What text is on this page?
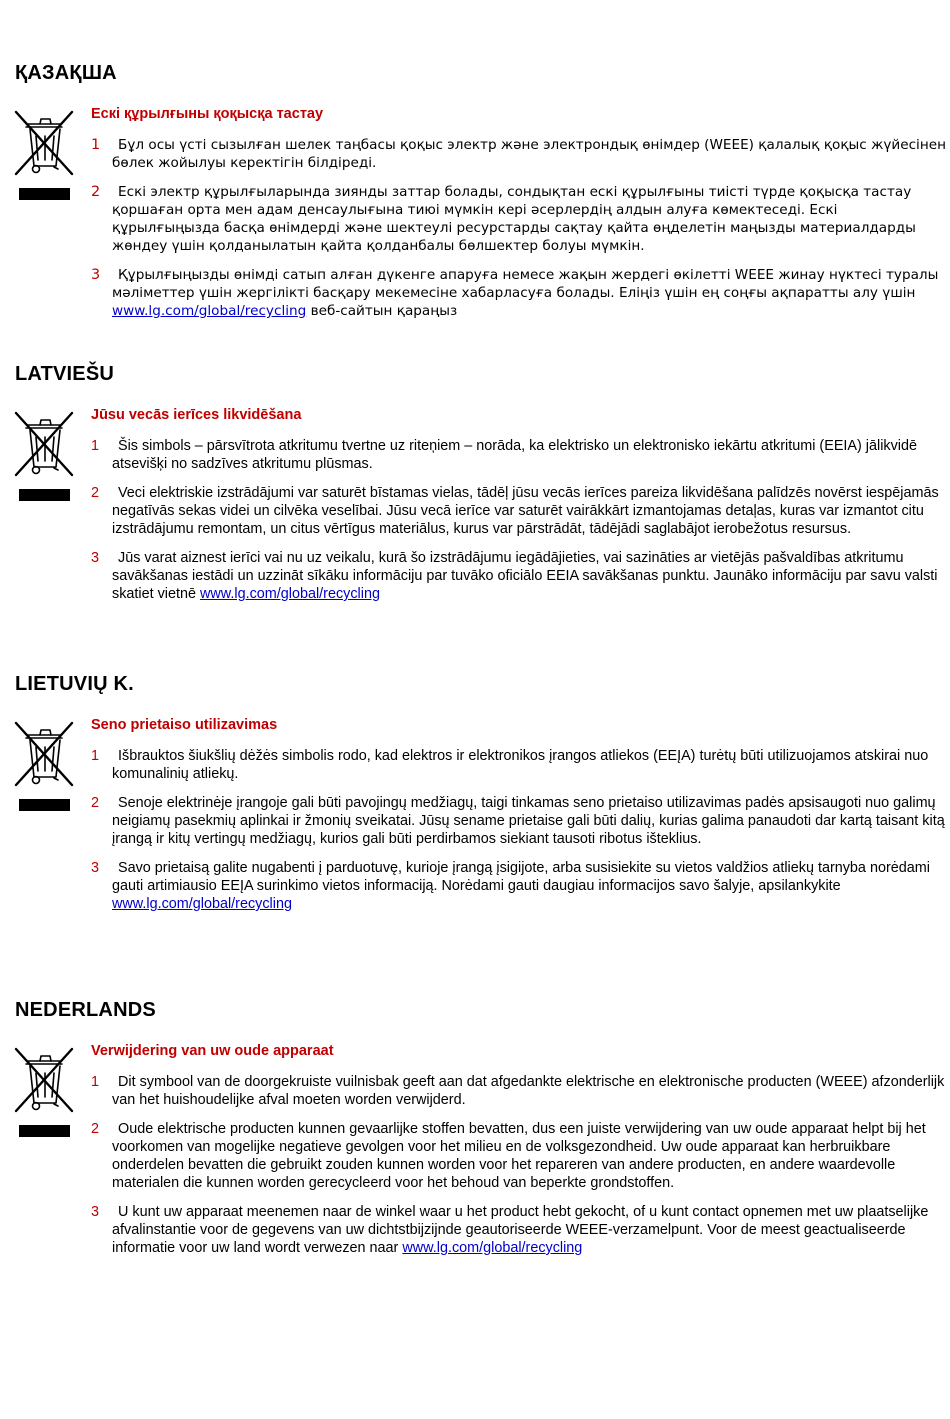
ҚАЗАҚША
Ескі құрылғыны қоқысқа тастау
1 Бұл осы үсті сызылған шелек таңбасы қоқыс электр және электрондық өнімдер (WEEE) қалалық қоқыс жүйесінен бөлек жойылуы керектігін білдіреді.
2 Ескі электр құрылғыларында зиянды заттар болады, сондықтан ескі құрылғыны тиісті түрде қоқысқа тастау қоршаған орта мен адам денсаулығына тиюі мүмкін кері әсерлердің алдын алуға көмектеседі. Ескі құрылғыңызда басқа өнімдерді және шектеулі ресурстарды сақтау қайта өңделетін маңызды материалдарды жөндеу үшін қолданылатын қайта қолданбалы бөлшектер болуы мүмкін.
3 Құрылғыңызды өнімді сатып алған дүкенге апаруға немесе жақын жердегі өкілетті WEEE жинау нүктесі туралы мәліметтер үшін жергілікті басқару мекемесіне хабарласуға болады. Еліңіз үшін ең соңғы ақпаратты алу үшін www.lg.com/global/recycling веб-сайтын қараңыз
LATVIEŠU
Jūsu vecās ierīces likvidēšana
1 Šis simbols – pārsvītrota atkritumu tvertne uz riteņiem – norāda, ka elektrisko un elektronisko iekārtu atkritumi (EEIA) jālikvidē atsevišķi no sadzīves atkritumu plūsmas.
2 Veci elektriskie izstrādājumi var saturēt bīstamas vielas, tādēļ jūsu vecās ierīces pareiza likvidēšana palīdzēs novērst iespējamās negatīvās sekas videi un cilvēka veselībai. Jūsu vecā ierīce var saturēt vairākkārt izmantojamas detaļas, kuras var izmantot citu izstrādājumu remontam, un citus vērtīgus materiālus, kurus var pārstrādāt, tādējādi saglabājot ierobežotus resursus.
3 Jūs varat aiznest ierīci vai nu uz veikalu, kurā šo izstrādājumu iegādājieties, vai sazināties ar vietējās pašvaldības atkritumu savākšanas iestādi un uzzināt sīkāku informāciju par tuvāko oficiālo EEIA savākšanas punktu. Jaunāko informāciju par savu valsti skatiet vietnē www.lg.com/global/recycling
LIETUVIŲ K.
Seno prietaiso utilizavimas
1 Išbrauktos šiukšlių dėžės simbolis rodo, kad elektros ir elektronikos įrangos atliekos (EEĮA) turėtų būti utilizuojamos atskirai nuo komunalinių atliekų.
2 Senoje elektrinėje įrangoje gali būti pavojingų medžiagų, taigi tinkamas seno prietaiso utilizavimas padės apsisaugoti nuo galimų neigiamų pasekmių aplinkai ir žmonių sveikatai. Jūsų sename prietaise gali būti dalių, kurias galima panaudoti dar kartą taisant kitą įrangą ir kitų vertingų medžiagų, kurios gali būti perdirbamos siekiant tausoti ribotus išteklius.
3 Savo prietaisą galite nugabenti į parduotuvę, kurioje įrangą įsigijote, arba susisiekite su vietos valdžios atliekų tarnyba norėdami gauti artimiausio EEĮA surinkimo vietos informaciją. Norėdami gauti daugiau informacijos savo šalyje, apsilankykite www.lg.com/global/recycling
NEDERLANDS
Verwijdering van uw oude apparaat
1 Dit symbool van de doorgekruiste vuilnisbak geeft aan dat afgedankte elektrische en elektronische producten (WEEE) afzonderlijk van het huishoudelijke afval moeten worden verwijderd.
2 Oude elektrische producten kunnen gevaarlijke stoffen bevatten, dus een juiste verwijdering van uw oude apparaat helpt bij het voorkomen van mogelijke negatieve gevolgen voor het milieu en de volksgezondheid. Uw oude apparaat kan herbruikbare onderdelen bevatten die gebruikt zouden kunnen worden voor het repareren van andere producten, en andere waardevolle materialen die kunnen worden gerecycleerd voor het behoud van beperkte grondstoffen.
3 U kunt uw apparaat meenemen naar de winkel waar u het product hebt gekocht, of u kunt contact opnemen met uw plaatselijke afvalinstantie voor de gegevens van uw dichtstbijzijnde geautoriseerde WEEE-verzamelpunt. Voor de meest geactualiseerde informatie voor uw land wordt verwezen naar www.lg.com/global/recycling
